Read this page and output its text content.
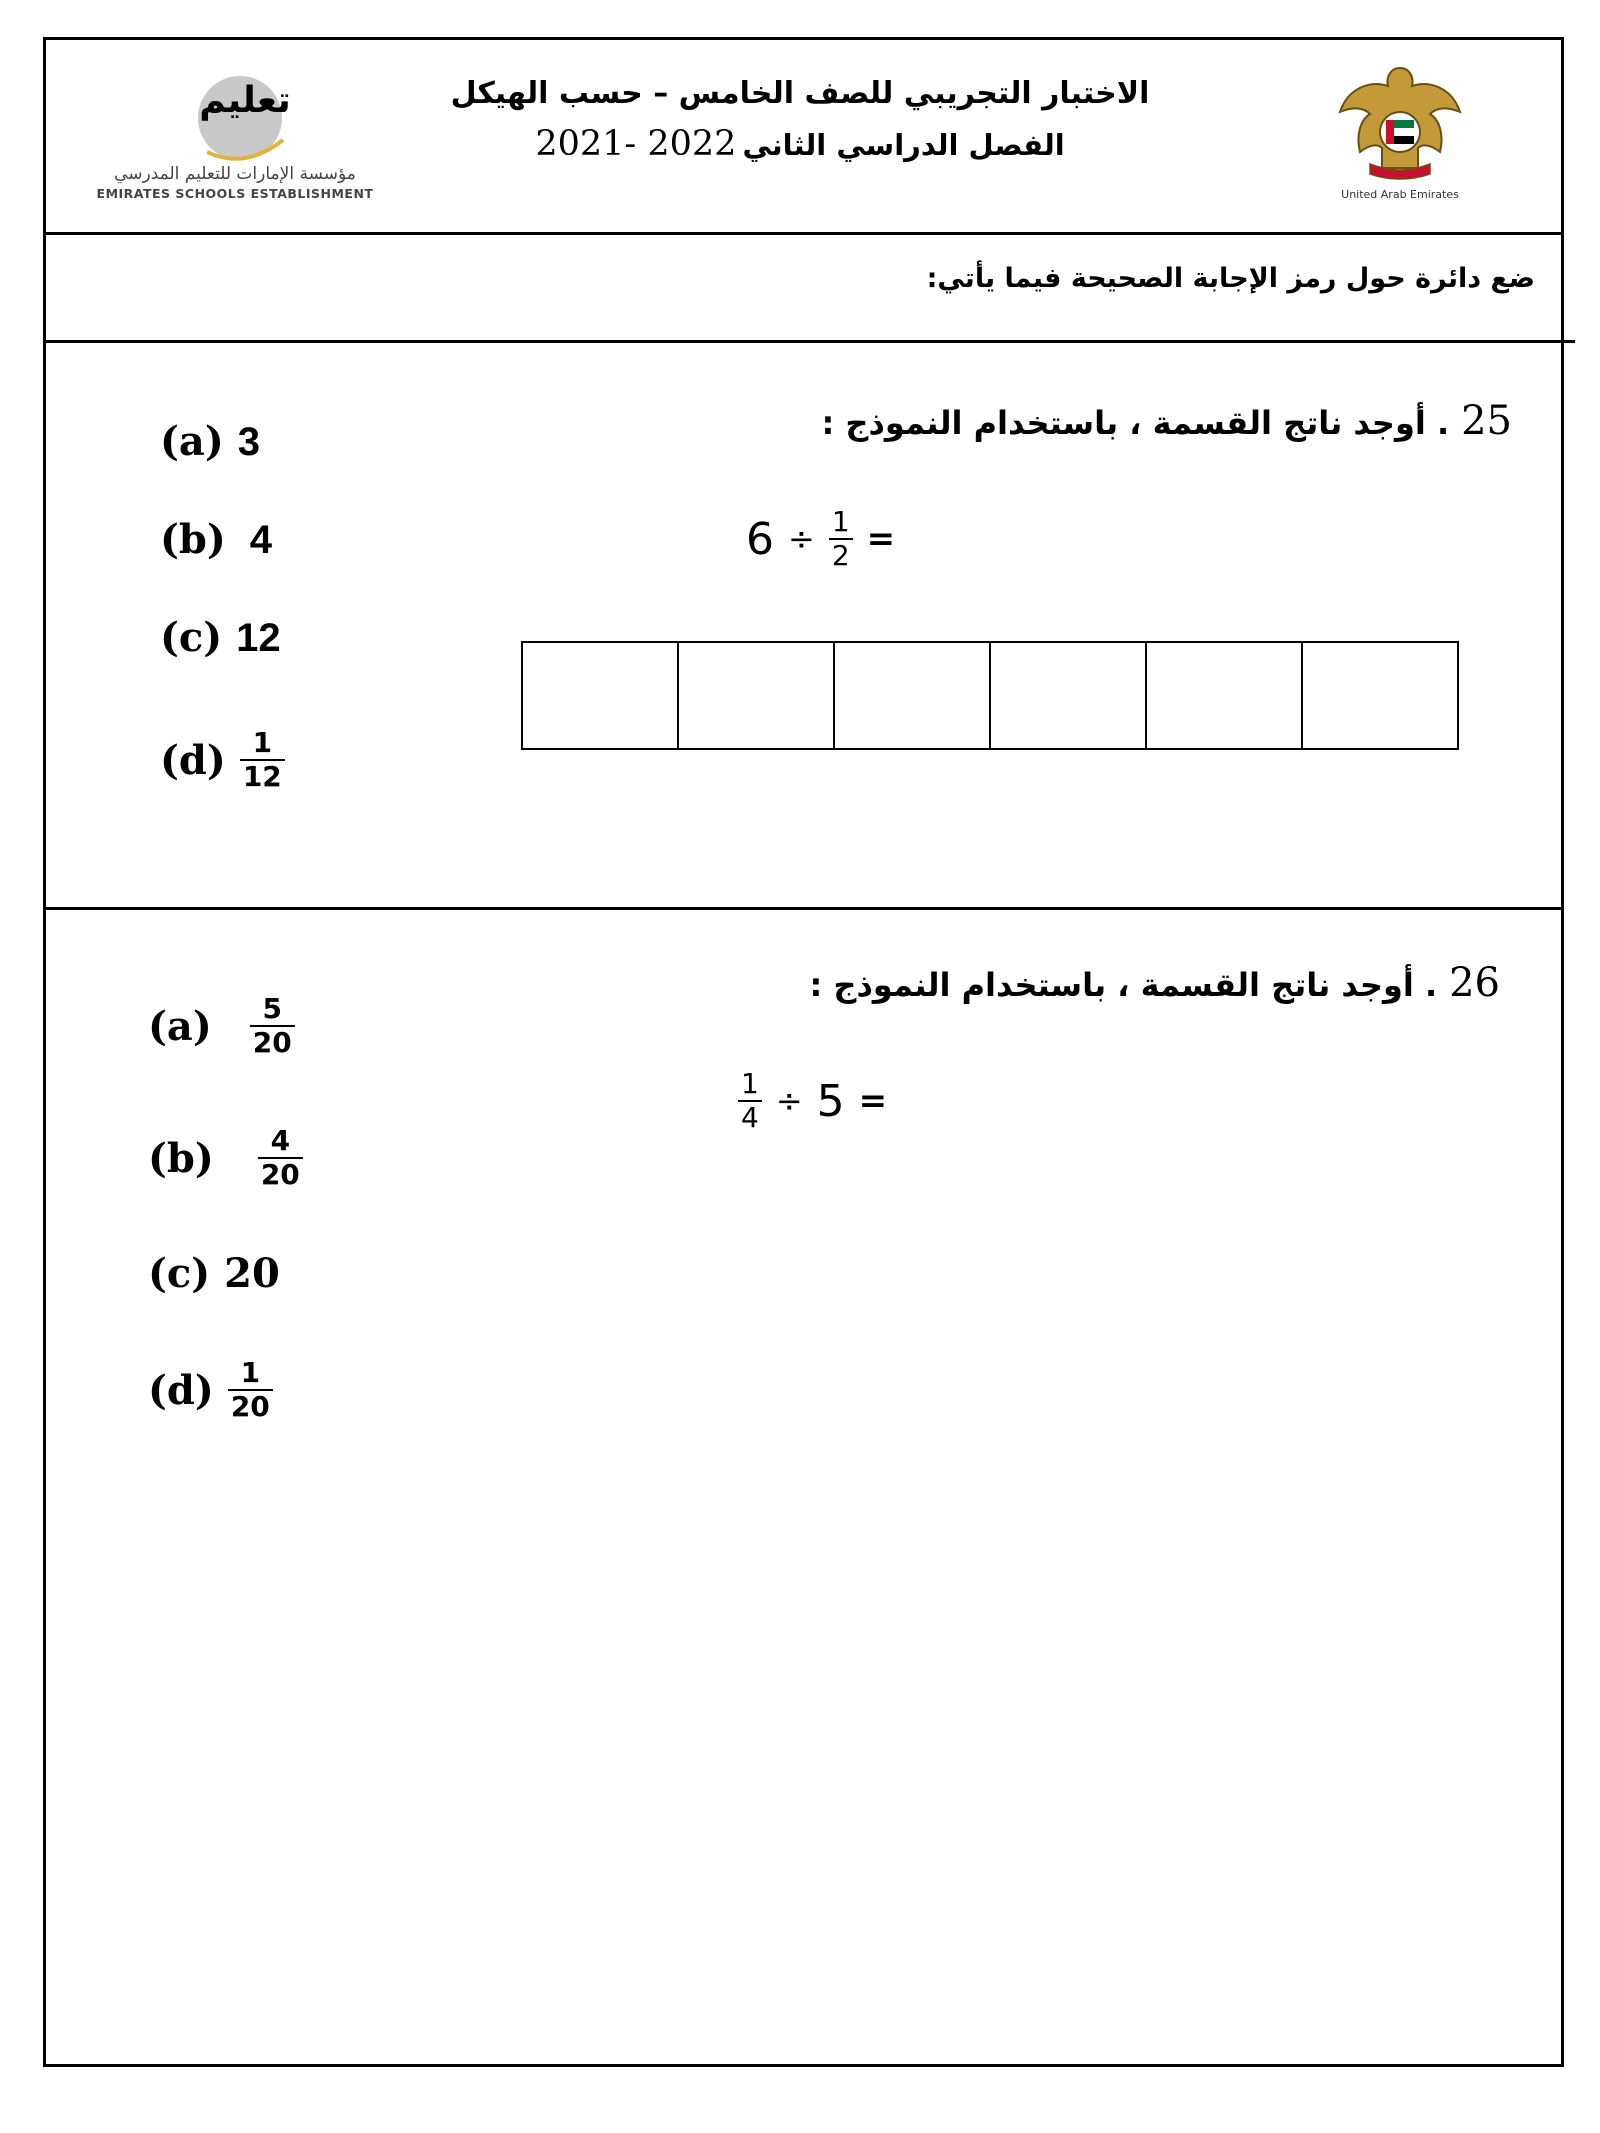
تعليم
مؤسسة الإمارات للتعليم المدرسي
EMIRATES SCHOOLS ESTABLISHMENT
الاختبار التجريبي للصف الخامس – حسب الهيكل
الفصل الدراسي الثاني
2021- 2022
United Arab Emirates
ضع دائرة حول رمز الإجابة الصحيحة فيما يأتي:
25
. أوجد ناتج القسمة ، باستخدام النموذج :
$6 \div \frac{1}{2}$ =
(a) 3
(b) 4
(c) 12
$(d) \frac{1}{12}$
26
. أوجد ناتج القسمة ، باستخدام النموذج :
$\frac{1}{4} \div 5$ =
$(a) \frac{5}{20}$
$(b) \frac{4}{20}$
(c) 20
$(d) \frac{1}{20}$
